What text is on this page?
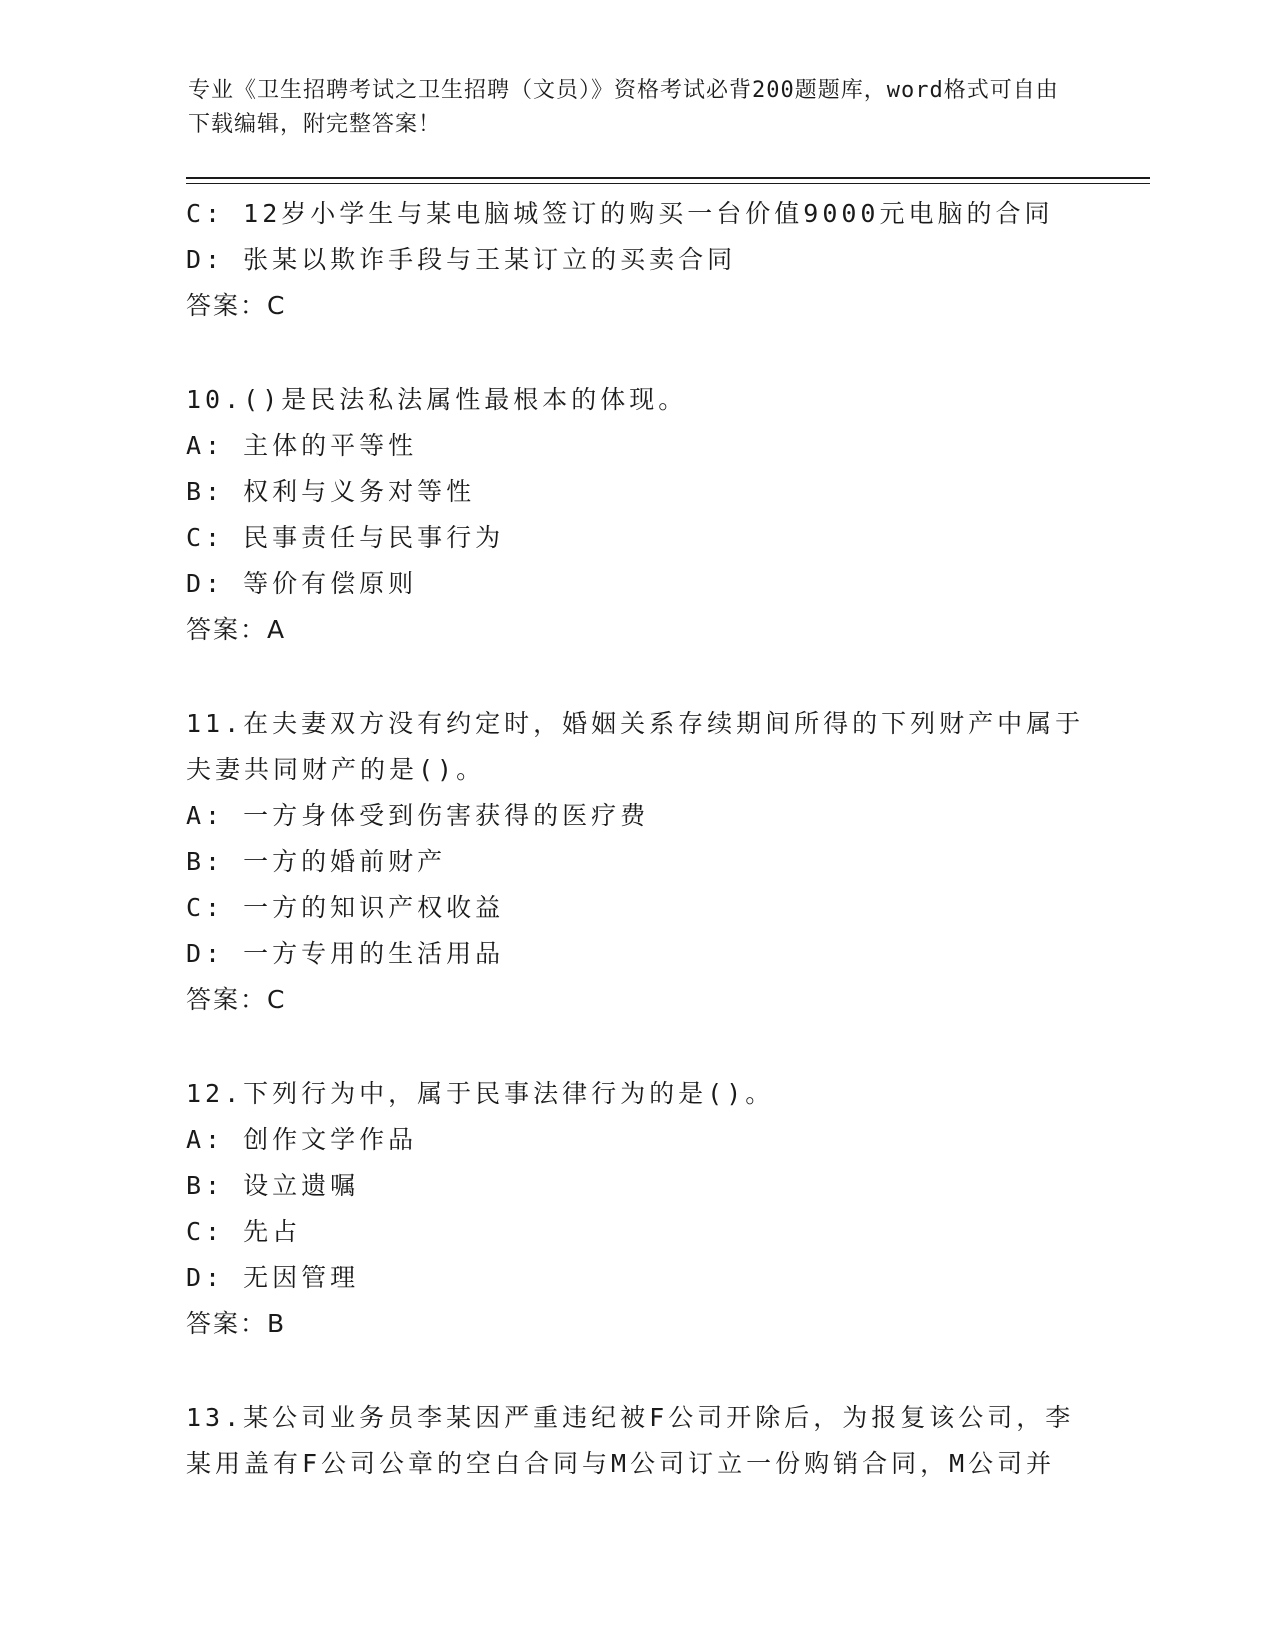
专业《卫生招聘考试之卫生招聘（文员）》资格考试必背200题题库，word格式可自由下载编辑，附完整答案！
C: 12岁小学生与某电脑城签订的购买一台价值9000元电脑的合同
D: 张某以欺诈手段与王某订立的买卖合同
答案：C
10.()是民法私法属性最根本的体现。
A: 主体的平等性
B: 权利与义务对等性
C: 民事责任与民事行为
D: 等价有偿原则
答案：A
11.在夫妻双方没有约定时，婚姻关系存续期间所得的下列财产中属于夫妻共同财产的是()。
A: 一方身体受到伤害获得的医疗费
B: 一方的婚前财产
C: 一方的知识产权收益
D: 一方专用的生活用品
答案：C
12.下列行为中，属于民事法律行为的是()。
A: 创作文学作品
B: 设立遗嘱
C: 先占
D: 无因管理
答案：B
13.某公司业务员李某因严重违纪被F公司开除后，为报复该公司，李某用盖有F公司公章的空白合同与M公司订立一份购销合同，M公司并
